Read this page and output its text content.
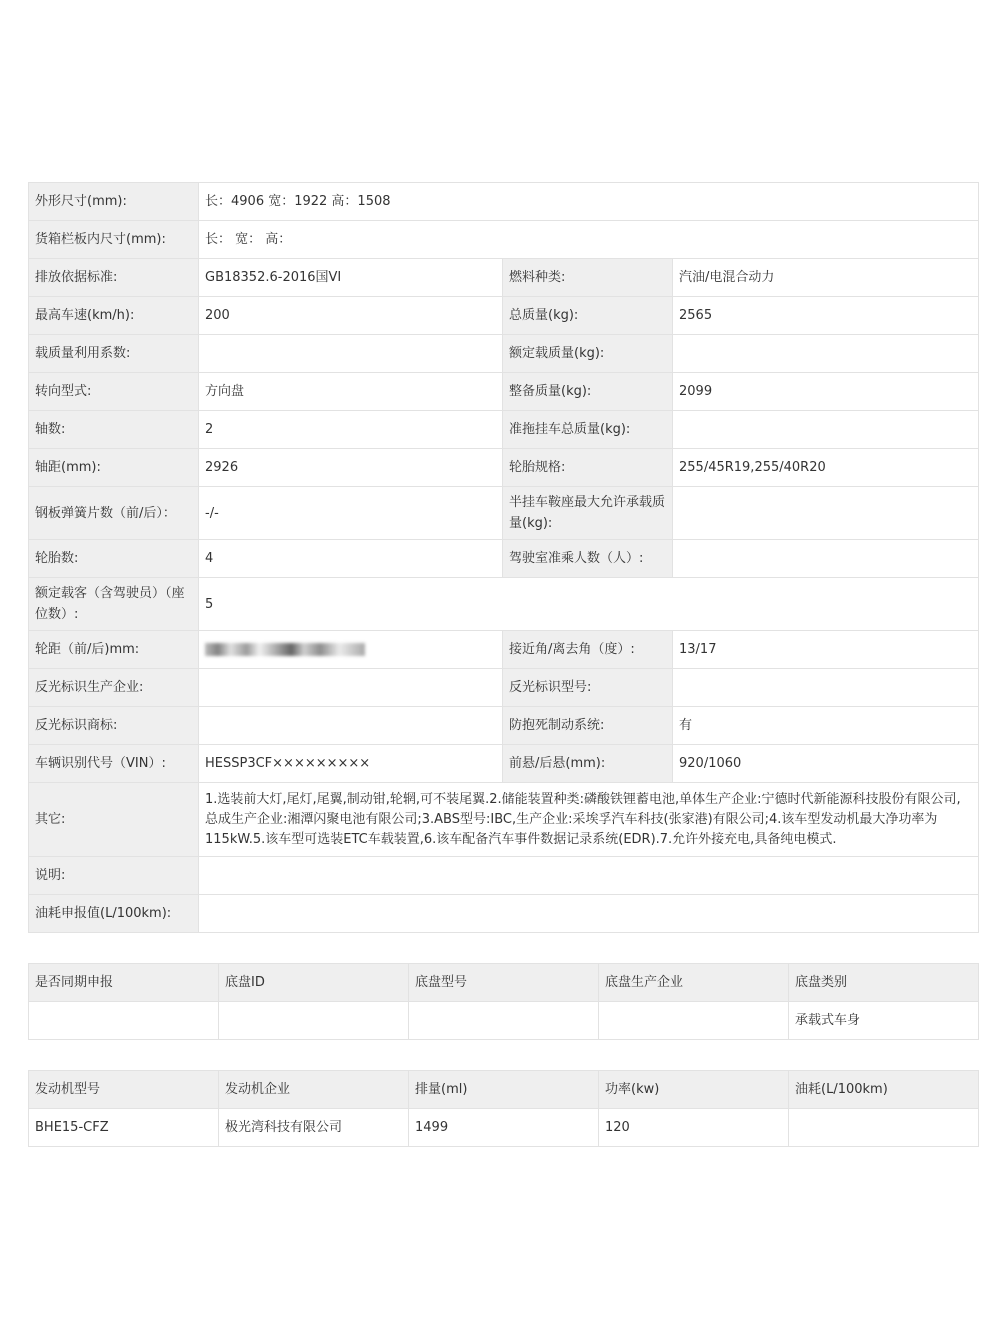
外形尺寸(mm):	长：4906 宽：1922 高：1508		
货箱栏板内尺寸(mm):	长： 宽： 高：		
排放依据标准:	GB18352.6-2016国VI	燃料种类:	汽油/电混合动力
最高车速(km/h):	200	总质量(kg):	2565
载质量利用系数:		额定载质量(kg):	
转向型式:	方向盘	整备质量(kg):	2099
轴数:	2	准拖挂车总质量(kg):	
轴距(mm):	2926	轮胎规格:	255/45R19,255/40R20
钢板弹簧片数（前/后）：	-/-	半挂车鞍座最大允许承载质量(kg):	
轮胎数:	4	驾驶室准乘人数（人）:	
额定载客（含驾驶员）（座位数）:	5		
轮距（前/后)mm:		接近角/离去角（度）:	13/17
反光标识生产企业:		反光标识型号:	
反光标识商标:		防抱死制动系统:	有
车辆识别代号（VIN）:	HESSP3CF×××××××××	前悬/后悬(mm):	920/1060
其它:	1.选装前大灯,尾灯,尾翼,制动钳,轮辋,可不装尾翼.2.储能装置种类:磷酸铁锂蓄电池,单体生产企业:宁德时代新能源科技股份有限公司,总成生产企业:湘潭闪聚电池有限公司;3.ABS型号:IBC,生产企业:采埃孚汽车科技(张家港)有限公司;4.该车型发动机最大净功率为115kW.5.该车型可选装ETC车载装置,6.该车配备汽车事件数据记录系统(EDR).7.允许外接充电,具备纯电模式.		
说明:			
油耗申报值(L/100km):			
是否同期申报	底盘ID	底盘型号	底盘生产企业	底盘类别
				承载式车身
发动机型号	发动机企业	排量(ml)	功率(kw)	油耗(L/100km)
BHE15-CFZ	极光湾科技有限公司	1499	120	
